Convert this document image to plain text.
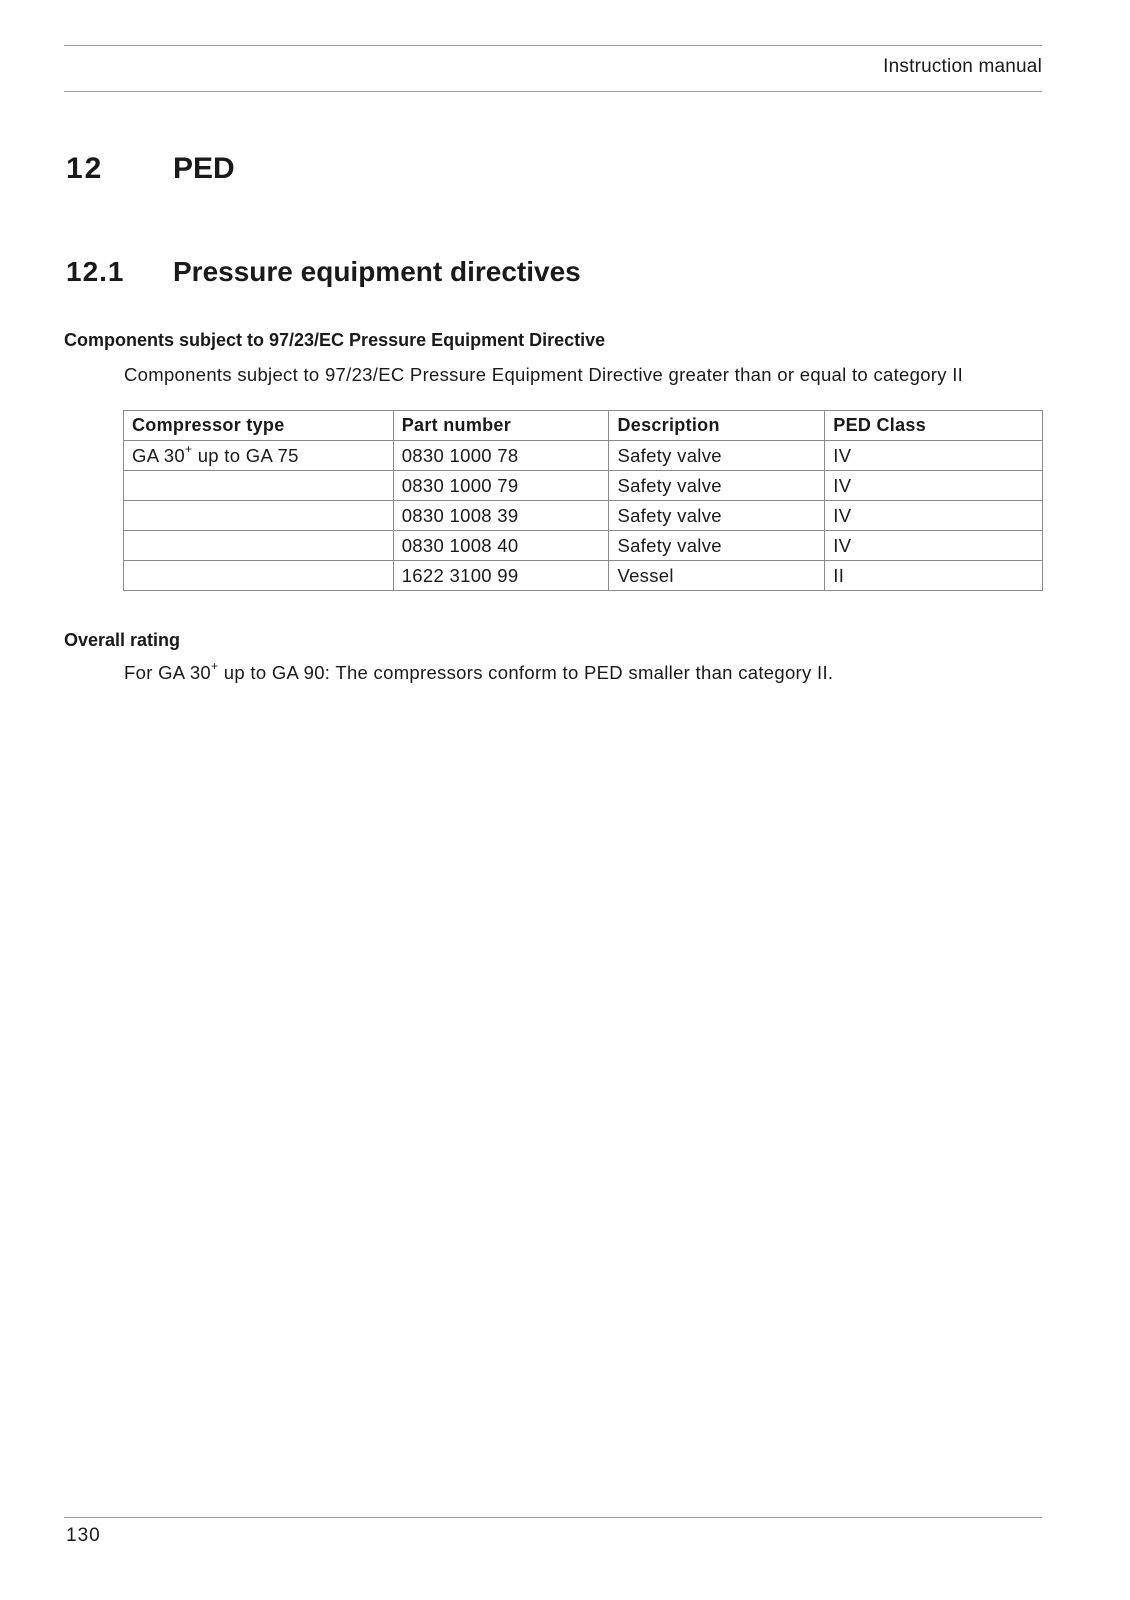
Instruction manual
12 PED
12.1 Pressure equipment directives
Components subject to 97/23/EC Pressure Equipment Directive
Components subject to 97/23/EC Pressure Equipment Directive greater than or equal to category II
Compressor type	Part number	Description	PED Class
GA 30+ up to GA 75	0830 1000 78	Safety valve	IV
	0830 1000 79	Safety valve	IV
	0830 1008 39	Safety valve	IV
	0830 1008 40	Safety valve	IV
	1622 3100 99	Vessel	II
Overall rating
For GA 30+ up to GA 90: The compressors conform to PED smaller than category II.
130
